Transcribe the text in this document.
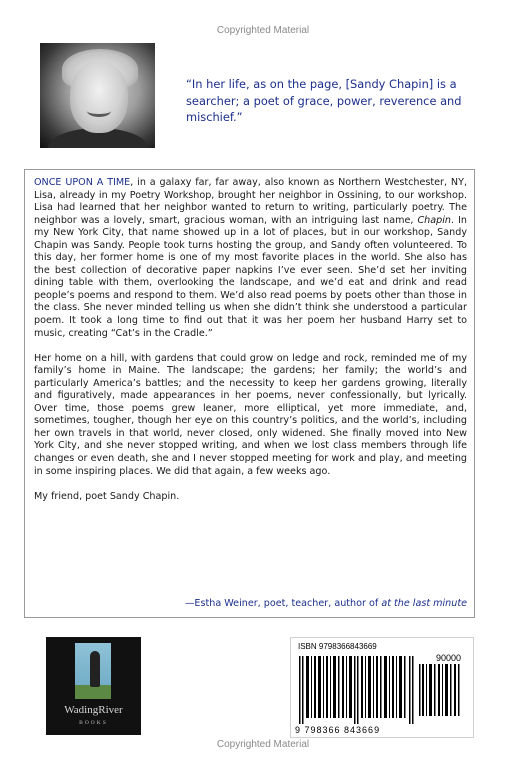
Copyrighted Material
“In her life, as on the page, [Sandy Chapin] is a searcher; a poet of grace, power, reverence and mischief.”

ONCE UPON A TIME, in a galaxy far, far away, also known as Northern Westchester, NY, Lisa, already in my Poetry Workshop, brought her neighbor in Ossining, to our workshop. Lisa had learned that her neighbor wanted to return to writing, particularly poetry. The neighbor was a lovely, smart, gracious woman, with an intriguing last name, Chapin. In my New York City, that name showed up in a lot of places, but in our workshop, Sandy Chapin was Sandy. People took turns hosting the group, and Sandy often volunteered. To this day, her former home is one of my most favorite places in the world. She also has the best collection of decorative paper napkins I’ve ever seen. She’d set her inviting dining table with them, overlooking the landscape, and we’d eat and drink and read people’s poems and respond to them. We’d also read poems by poets other than those in the class. She never minded telling us when she didn’t think she understood a particular poem. It took a long time to find out that it was her poem her husband Harry set to music, creating “Cat’s in the Cradle.”

Her home on a hill, with gardens that could grow on ledge and rock, reminded me of my family’s home in Maine. The landscape; the gardens; her family; the world’s and particularly America’s battles; and the necessity to keep her gardens growing, literally and figuratively, made appearances in her poems, never confessionally, but lyrically. Over time, those poems grew leaner, more elliptical, yet more immediate, and, sometimes, tougher, though her eye on this country’s politics, and the world’s, including her own travels in that world, never closed, only widened. She finally moved into New York City, and she never stopped writing, and when we lost class members through life changes or even death, she and I never stopped meeting for work and play, and meeting in some inspiring places. We did that again, a few weeks ago.

My friend, poet Sandy Chapin.

—Estha Weiner, poet, teacher, author of at the last minute
WadingRiver
BOOKS
ISBN 9798366843669
90000
9 798366 843669
Copyrighted Material
